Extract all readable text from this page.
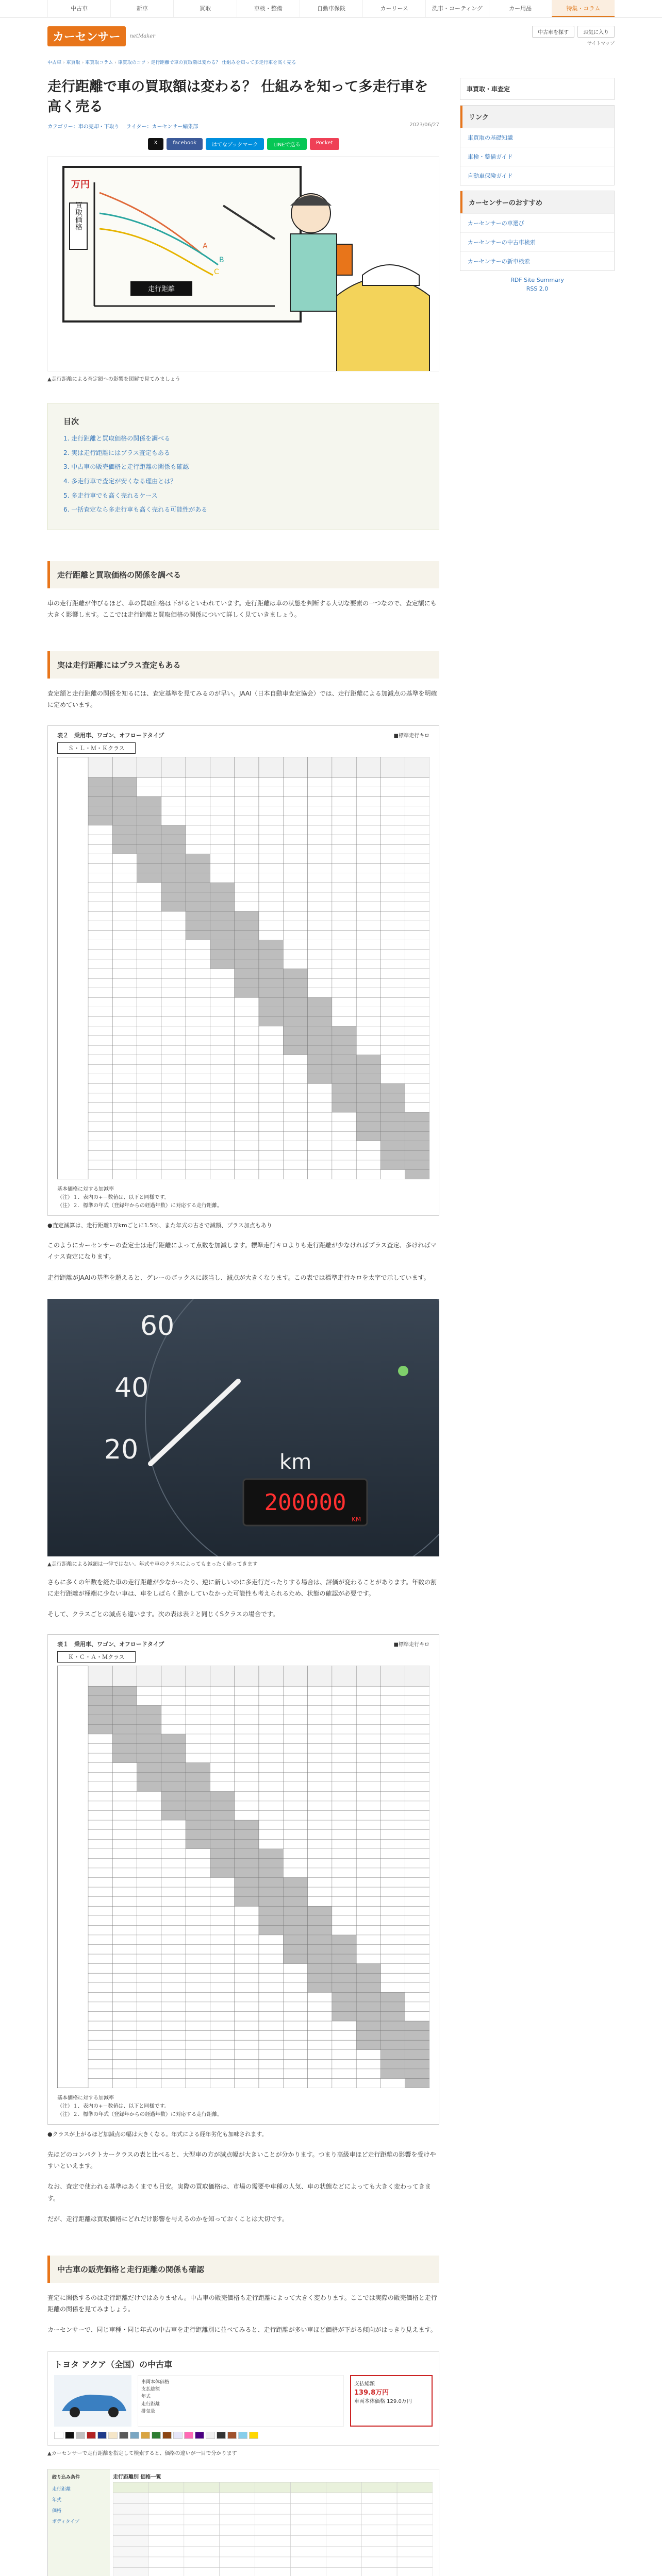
中古車	新車	買取	車検・整備	自動車保険	カーリース	洗車・コーティング	カー用品	特集・コラム
カーセンサー	netMaker
中古車を探す	お気に入り
サイトマップ
中古車 › 車買取 › 車買取コラム › 車買取のコツ › 走行距離で車の買取額は変わる？ 仕組みを知って多走行車を高く売る
走行距離で車の買取額は変わる？ 仕組みを知って多走行車を高く売る
カテゴリー：車の売却・下取り　 ライター：カーセンサー編集部	2023/06/27
X	facebook	はてなブックマーク	LINEで送る	Pocket
万円
買取価格
走行距離
A
B
C
▲走行距離による査定額への影響を図解で見てみましょう
目次
1. 走行距離と買取価格の関係を調べる
2. 実は走行距離にはプラス査定もある
3. 中古車の販売価格と走行距離の関係も確認
4. 多走行車で査定が安くなる理由とは？
5. 多走行車でも高く売れるケース
6. 一括査定なら多走行車も高く売れる可能性がある
走行距離と買取価格の関係を調べる

車の走行距離が伸びるほど、車の買取価格は下がるといわれています。走行距離は車の状態を判断する大切な要素の一つなので、査定額にも大きく影響します。ここでは走行距離と買取価格の関係について詳しく見ていきましょう。

実は走行距離にはプラス査定もある

査定額と走行距離の関係を知るには、査定基準を見てみるのが早い。JAAI（日本自動車査定協会）では、走行距離による加減点の基準を明確に定めています。

表２　乗用車、ワゴン、オフロードタイプ	■標準走行キロ
Ｓ・Ｌ・Ｍ・Ｋクラス
基本価格に対する加減率
（注）１．表内の+－数値は、以下と同様です。
（注）２．標準の年式（登録年からの経過年数）に対応する走行距離。

●査定減算は、走行距離1万kmごとに1.5％、また年式の古さで減額、プラス加点もあり

このようにカーセンサーの査定士は走行距離によって点数を加減します。標準走行キロよりも走行距離が少なければプラス査定、多ければマイナス査定になります。

走行距離がJAAIの基準を超えると、グレーのボックスに該当し、減点が大きくなります。この表では標準走行キロを太字で示しています。

60
40
20	km
200000
KM
▲走行距離による減額は一律ではない。年式や車のクラスによってもまったく違ってきます

さらに多くの年数を経た車の走行距離が少なかったり、逆に新しいのに多走行だったりする場合は、評価が変わることがあります。年数の割に走行距離が極端に少ない車は、車をしばらく動かしていなかった可能性も考えられるため、状態の確認が必要です。

そして、クラスごとの減点も違います。次の表は表２と同じくSクラスの場合です。

表１　乗用車、ワゴン、オフロードタイプ	■標準走行キロ
Ｋ・Ｃ・Ａ・Ｍクラス
基本価格に対する加減率
（注）１．表内の+－数値は、以下と同様です。
（注）２．標準の年式（登録年からの経過年数）に対応する走行距離。

●クラスが上がるほど加減点の幅は大きくなる。年式による経年劣化も加味されます。

先ほどのコンパクトカークラスの表と比べると、大型車の方が減点幅が大きいことが分かります。つまり高級車ほど走行距離の影響を受けやすいといえます。

なお、査定で使われる基準はあくまでも目安。実際の買取価格は、市場の需要や車種の人気、車の状態などによっても大きく変わってきます。

だが、走行距離は買取価格にどれだけ影響を与えるのかを知っておくことは大切です。

中古車の販売価格と走行距離の関係も確認

査定に関係するのは走行距離だけではありません。中古車の販売価格も走行距離によって大きく変わります。ここでは実際の販売価格と走行距離の関係を見てみましょう。

カーセンサーで、同じ車種・同じ年式の中古車を走行距離別に並べてみると、走行距離が多い車ほど価格が下がる傾向がはっきり見えます。

トヨタ アクア（全国）の中古車
車両本体価格
支払総額
年式
走行距離
排気量
支払総額
139.8万円
車両本体価格 129.0万円
▲カーセンサーで走行距離を指定して検索すると、価格の違いが一目で分かります
絞り込み条件
走行距離
年式
価格
ボディタイプ
走行距離別 価格一覧
車買取・車査定
リンク
車買取の基礎知識
車検・整備ガイド
自動車保険ガイド
カーセンサーのおすすめ
カーセンサーの車選び
カーセンサーの中古車検索
カーセンサーの新車検索
RDF Site Summary
RSS 2.0
